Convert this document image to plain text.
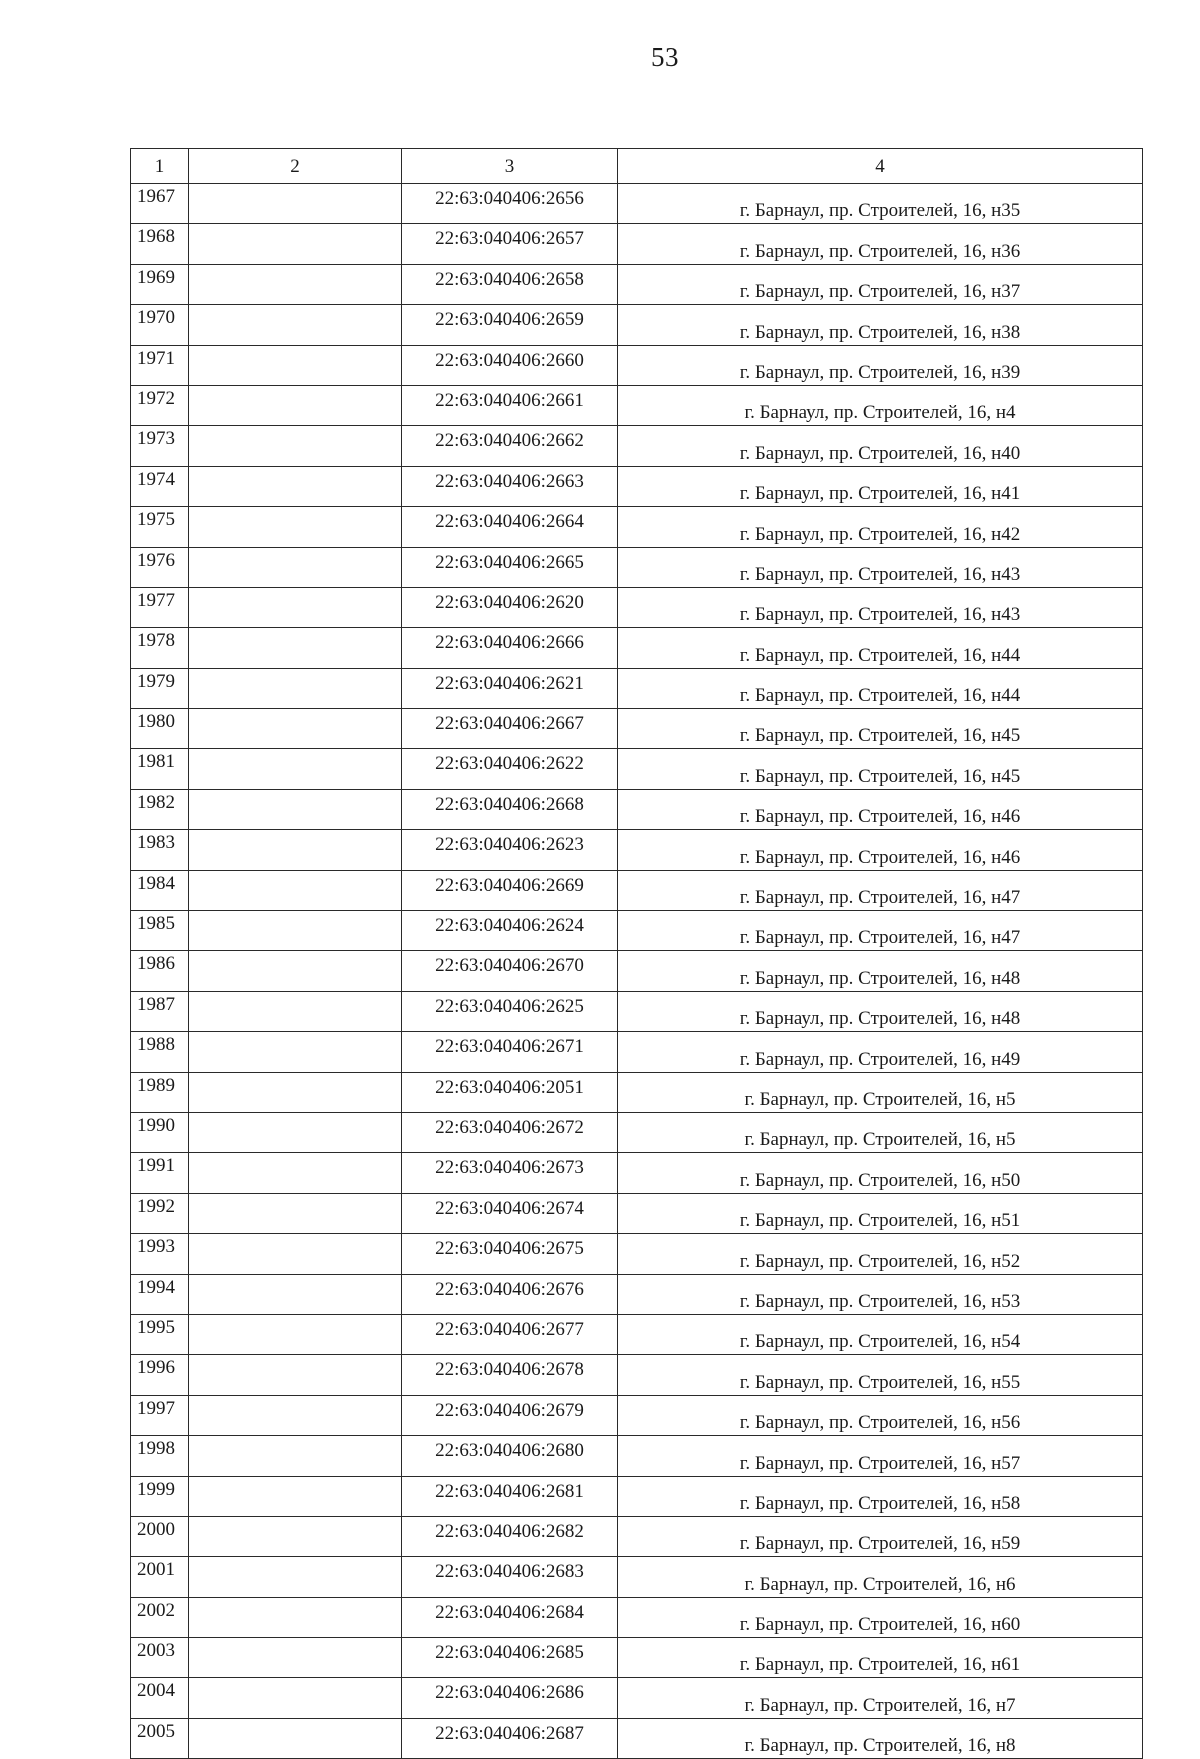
53
1	2	3	4
1967		22:63:040406:2656	г. Барнаул, пр. Строителей, 16, н35
1968		22:63:040406:2657	г. Барнаул, пр. Строителей, 16, н36
1969		22:63:040406:2658	г. Барнаул, пр. Строителей, 16, н37
1970		22:63:040406:2659	г. Барнаул, пр. Строителей, 16, н38
1971		22:63:040406:2660	г. Барнаул, пр. Строителей, 16, н39
1972		22:63:040406:2661	г. Барнаул, пр. Строителей, 16, н4
1973		22:63:040406:2662	г. Барнаул, пр. Строителей, 16, н40
1974		22:63:040406:2663	г. Барнаул, пр. Строителей, 16, н41
1975		22:63:040406:2664	г. Барнаул, пр. Строителей, 16, н42
1976		22:63:040406:2665	г. Барнаул, пр. Строителей, 16, н43
1977		22:63:040406:2620	г. Барнаул, пр. Строителей, 16, н43
1978		22:63:040406:2666	г. Барнаул, пр. Строителей, 16, н44
1979		22:63:040406:2621	г. Барнаул, пр. Строителей, 16, н44
1980		22:63:040406:2667	г. Барнаул, пр. Строителей, 16, н45
1981		22:63:040406:2622	г. Барнаул, пр. Строителей, 16, н45
1982		22:63:040406:2668	г. Барнаул, пр. Строителей, 16, н46
1983		22:63:040406:2623	г. Барнаул, пр. Строителей, 16, н46
1984		22:63:040406:2669	г. Барнаул, пр. Строителей, 16, н47
1985		22:63:040406:2624	г. Барнаул, пр. Строителей, 16, н47
1986		22:63:040406:2670	г. Барнаул, пр. Строителей, 16, н48
1987		22:63:040406:2625	г. Барнаул, пр. Строителей, 16, н48
1988		22:63:040406:2671	г. Барнаул, пр. Строителей, 16, н49
1989		22:63:040406:2051	г. Барнаул, пр. Строителей, 16, н5
1990		22:63:040406:2672	г. Барнаул, пр. Строителей, 16, н5
1991		22:63:040406:2673	г. Барнаул, пр. Строителей, 16, н50
1992		22:63:040406:2674	г. Барнаул, пр. Строителей, 16, н51
1993		22:63:040406:2675	г. Барнаул, пр. Строителей, 16, н52
1994		22:63:040406:2676	г. Барнаул, пр. Строителей, 16, н53
1995		22:63:040406:2677	г. Барнаул, пр. Строителей, 16, н54
1996		22:63:040406:2678	г. Барнаул, пр. Строителей, 16, н55
1997		22:63:040406:2679	г. Барнаул, пр. Строителей, 16, н56
1998		22:63:040406:2680	г. Барнаул, пр. Строителей, 16, н57
1999		22:63:040406:2681	г. Барнаул, пр. Строителей, 16, н58
2000		22:63:040406:2682	г. Барнаул, пр. Строителей, 16, н59
2001		22:63:040406:2683	г. Барнаул, пр. Строителей, 16, н6
2002		22:63:040406:2684	г. Барнаул, пр. Строителей, 16, н60
2003		22:63:040406:2685	г. Барнаул, пр. Строителей, 16, н61
2004		22:63:040406:2686	г. Барнаул, пр. Строителей, 16, н7
2005		22:63:040406:2687	г. Барнаул, пр. Строителей, 16, н8
